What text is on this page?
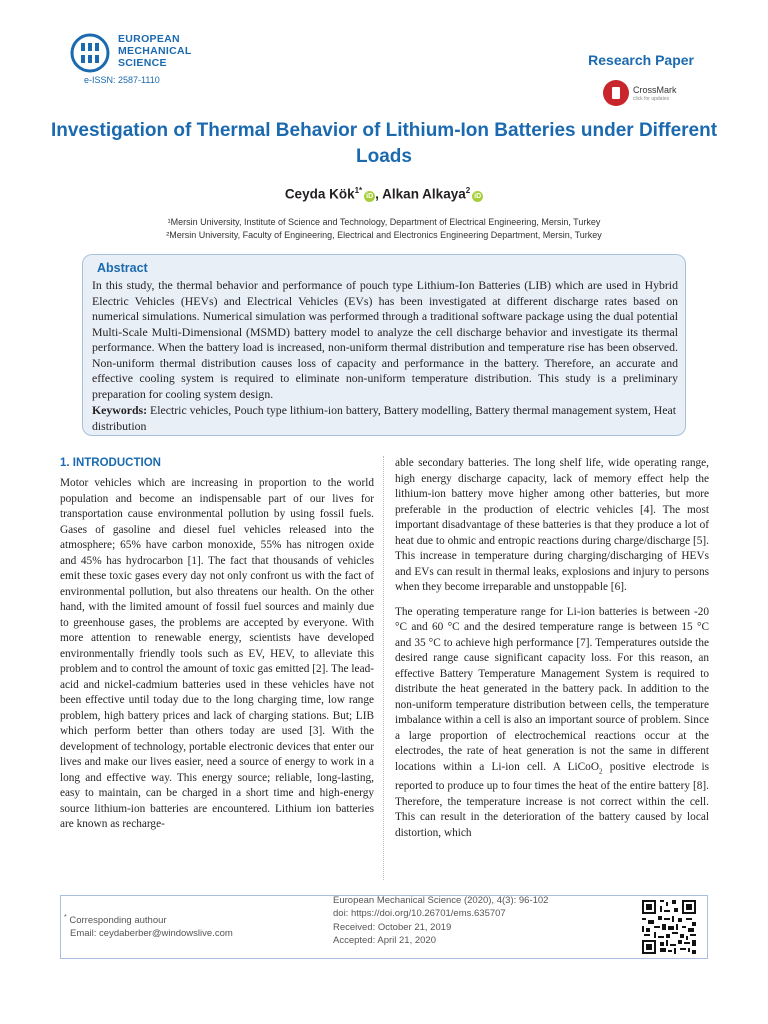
EUROPEAN
MECHANICAL
SCIENCE
e-ISSN: 2587-1110
Research Paper
CrossMark
click for updates
Investigation of Thermal Behavior of Lithium-Ion Batteries under Different Loads
Ceyda Kök$^{1*}$iD , Alkan Alkaya$^2$iD
¹Mersin University, Institute of Science and Technology, Department of Electrical Engineering, Mersin, Turkey
²Mersin University, Faculty of Engineering, Electrical and Electronics Engineering Department, Mersin, Turkey
Abstract
In this study, the thermal behavior and performance of pouch type Lithium-Ion Batteries (LIB) which are used in Hybrid Electric Vehicles (HEVs) and Electrical Vehicles (EVs) has been investigated at different discharge rates based on numerical simulations. Numerical simulation was performed through a traditional software package using the dual potential Multi-Scale Multi-Dimensional (MSMD) battery model to analyze the cell discharge behavior and investigate its thermal performance. When the battery load is increased, non-uniform thermal distribution and temperature rise has been observed. Non-uniform thermal distribution causes loss of capacity and performance in the battery. Therefore, an accurate and effective cooling system is required to eliminate non-uniform temperature distribution. This study is a preliminary preparation for cooling system design.
Keywords: Electric vehicles, Pouch type lithium-ion battery, Battery modelling, Battery thermal management system, Heat distribution
1. INTRODUCTION

Motor vehicles which are increasing in proportion to the world population and become an indispensable part of our lives for transportation cause environmental pollution by using fossil fuels. Gases of gasoline and diesel fuel vehicles released into the atmosphere; 65% have carbon monoxide, 55% has nitrogen oxide and 45% has hydrocarbon [1]. The fact that thousands of vehicles emit these toxic gases every day not only confront us with the fact of environmental pollution, but also threatens our health. On the other hand, with the limited amount of fossil fuel sources and mainly due to greenhouse gases, the problems are accepted by everyone. With more attention to renewable energy, scientists have developed environmentally friendly tools such as EV, HEV, to alleviate this problem and to control the amount of toxic gas emitted [2]. The lead-acid and nickel-cadmium batteries used in these vehicles have not been effective until today due to the long charging time, low range problem, high battery prices and lack of charging stations. But; LIB which perform better than others today are used [3]. With the development of technology, portable electronic devices that enter our lives and make our lives easier, need a source of energy to work in a long and effective way. This energy source; reliable, long-lasting, easy to maintain, can be charged in a short time and high-energy source lithium-ion batteries are encountered. Lithium ion batteries are known as recharge-

able secondary batteries. The long shelf life, wide operating range, high energy discharge capacity, lack of memory effect help the lithium-ion battery move higher among other batteries, but more preferable in the production of electric vehicles [4]. The most important disadvantage of these batteries is that they produce a lot of heat due to ohmic and entropic reactions during charge/discharge [5]. This increase in temperature during charging/discharging of HEVs and EVs can result in thermal leaks, explosions and injury to persons when they become irreparable and unstoppable [6].

The operating temperature range for Li-ion batteries is between -20 °C and 60 °C and the desired temperature range is between 15 °C and 35 °C to achieve high performance [7]. Temperatures outside the desired range cause significant capacity loss. For this reason, an effective Battery Temperature Management System is required to distribute the heat generated in the battery pack. In addition to the non-uniform temperature distribution between cells, the temperature imbalance within a cell is also an important source of problem. Since a large proportion of electrochemical reactions occur at the electrodes, the rate of heat generation is not the same in different locations within a Li-ion cell. A LiCoO$_2$ positive electrode is reported to produce up to four times the heat of the entire battery [8]. Therefore, the temperature increase is not correct within the cell. This can result in the deterioration of the battery caused by local distortion, which

* Corresponding authour
Email: ceydaberber@windowslive.com
European Mechanical Science (2020), 4(3): 96-102
doi: https://doi.org/10.26701/ems.635707
Received: October 21, 2019
Accepted: April 21, 2020
